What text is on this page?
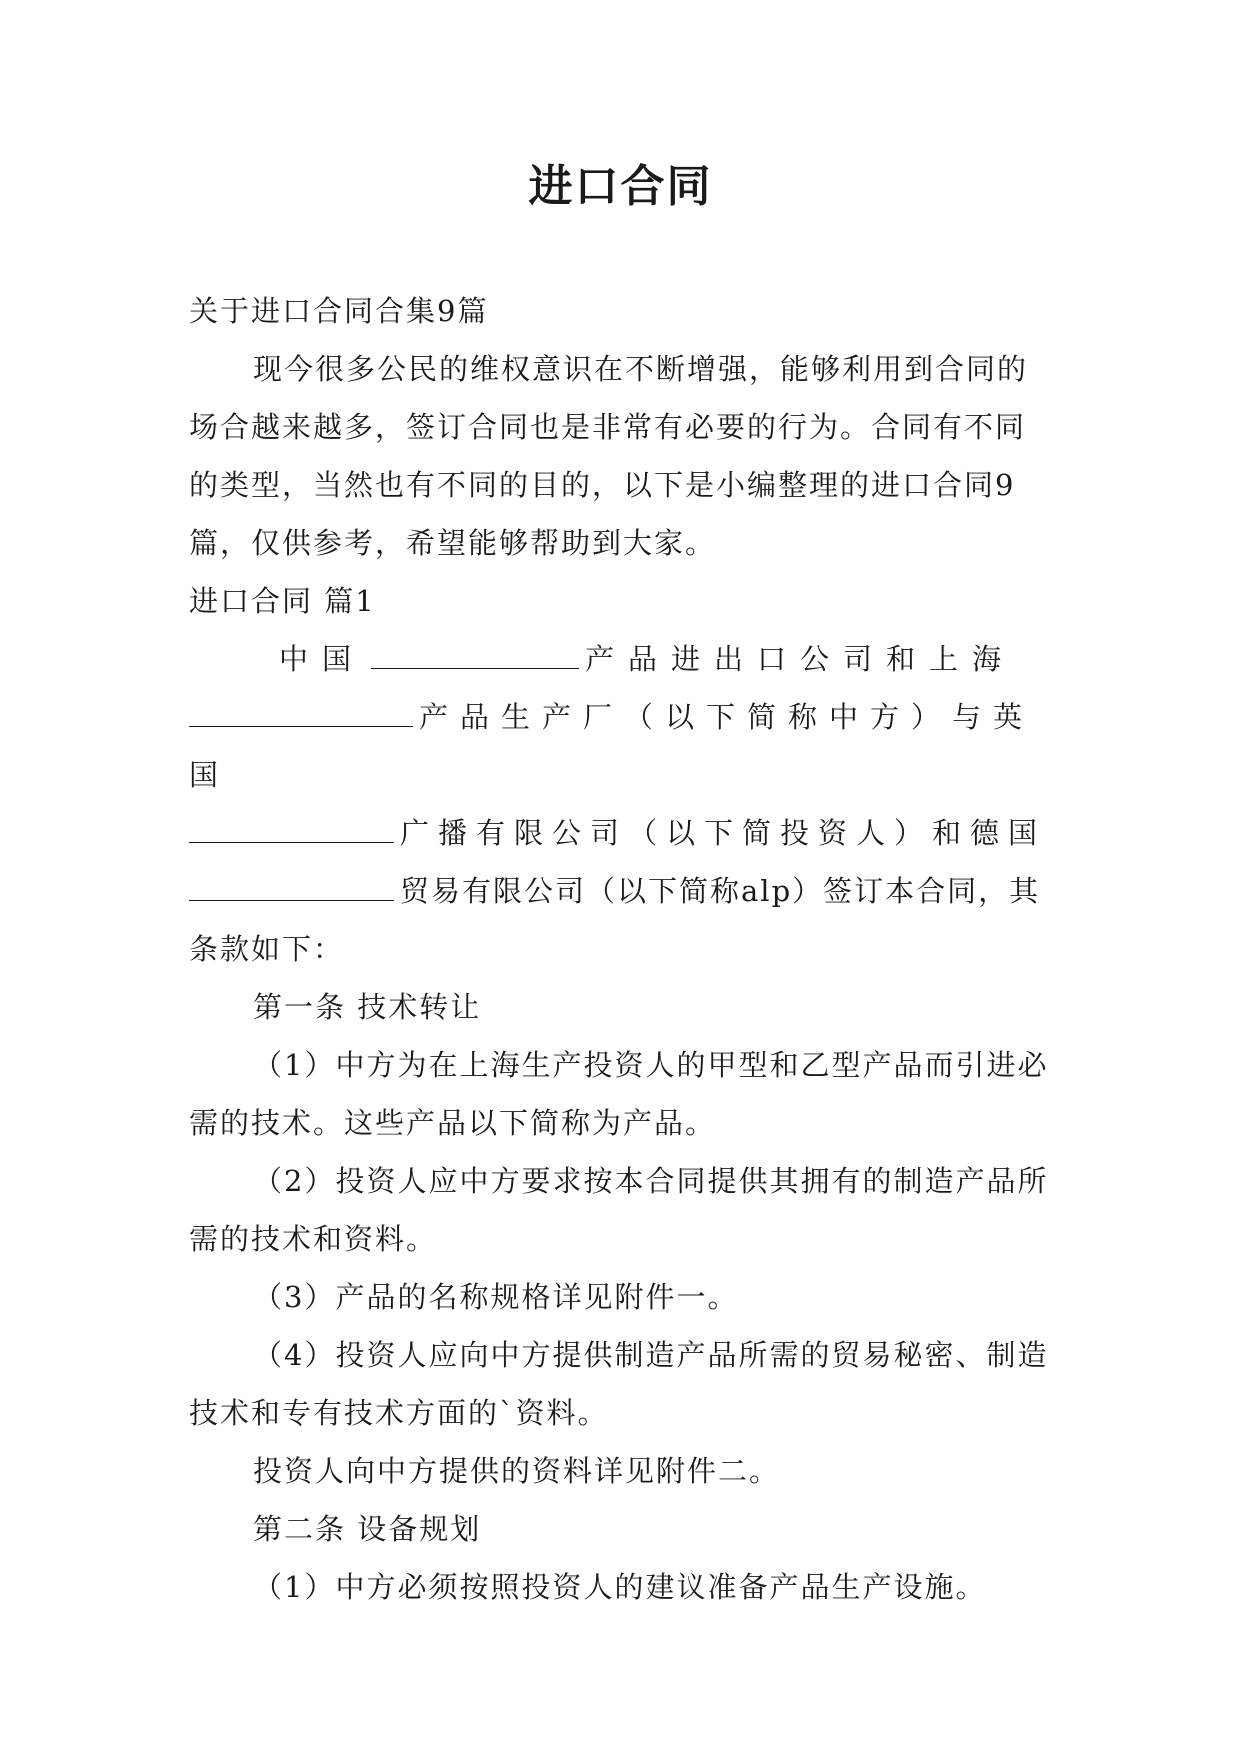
进口合同

关于进口合同合集9篇

现今很多公民的维权意识在不断增强，能够利用到合同的场合越来越多，签订合同也是非常有必要的行为。合同有不同的类型，当然也有不同的目的，以下是小编整理的进口合同9篇，仅供参考，希望能够帮助到大家。

进口合同 篇1

中国	产品进出口公司和上海

产品生产厂（以下简称中方）与英国

广播有限公司（以下简投资人）和德国

贸易有限公司（以下简称alp）签订本合同，其条款如下：

第一条 技术转让

（1）中方为在上海生产投资人的甲型和乙型产品而引进必需的技术。这些产品以下简称为产品。

（2）投资人应中方要求按本合同提供其拥有的制造产品所需的技术和资料。

（3）产品的名称规格详见附件一。

（4）投资人应向中方提供制造产品所需的贸易秘密、制造技术和专有技术方面的`资料。

投资人向中方提供的资料详见附件二。

第二条 设备规划

（1）中方必须按照投资人的建议准备产品生产设施。
